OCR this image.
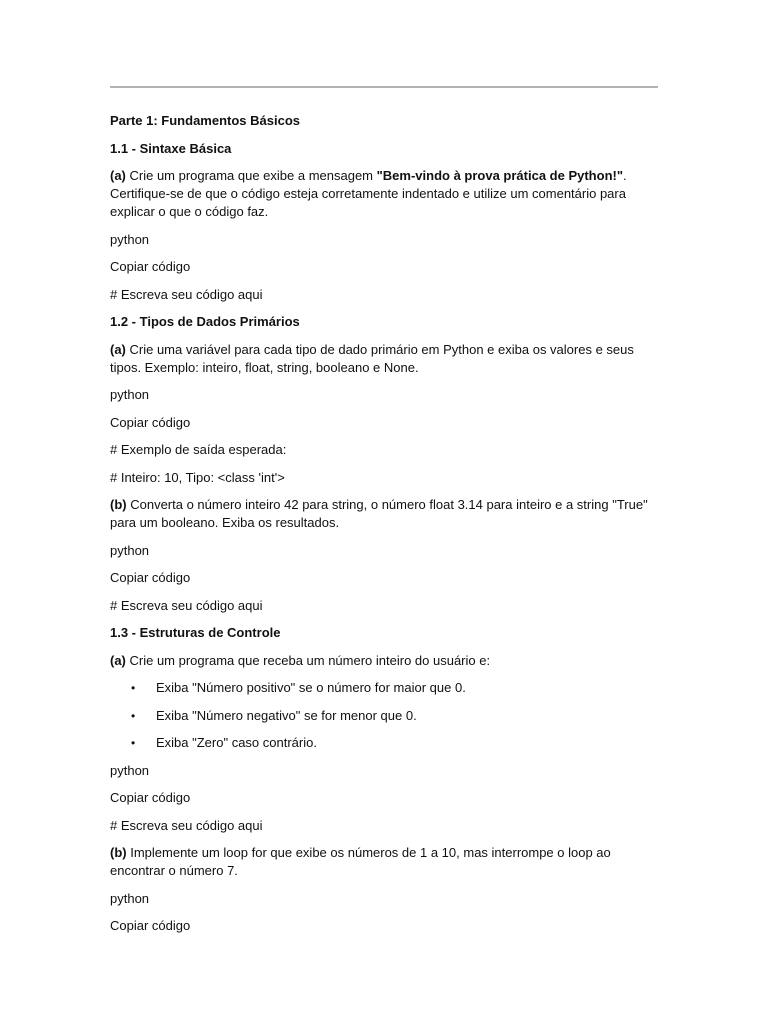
Parte 1: Fundamentos Básicos

1.1 - Sintaxe Básica

(a) Crie um programa que exibe a mensagem "Bem-vindo à prova prática de Python!". Certifique-se de que o código esteja corretamente indentado e utilize um comentário para explicar o que o código faz.

python

Copiar código

# Escreva seu código aqui

1.2 - Tipos de Dados Primários

(a) Crie uma variável para cada tipo de dado primário em Python e exiba os valores e seus tipos. Exemplo: inteiro, float, string, booleano e None.

python

Copiar código

# Exemplo de saída esperada:

# Inteiro: 10, Tipo: <class 'int'>

(b) Converta o número inteiro 42 para string, o número float 3.14 para inteiro e a string "True" para um booleano. Exiba os resultados.

python

Copiar código

# Escreva seu código aqui

1.3 - Estruturas de Controle

(a) Crie um programa que receba um número inteiro do usuário e:

• Exiba "Número positivo" se o número for maior que 0.
• Exiba "Número negativo" se for menor que 0.
• Exiba "Zero" caso contrário.

python

Copiar código

# Escreva seu código aqui

(b) Implemente um loop for que exibe os números de 1 a 10, mas interrompe o loop ao encontrar o número 7.

python

Copiar código
